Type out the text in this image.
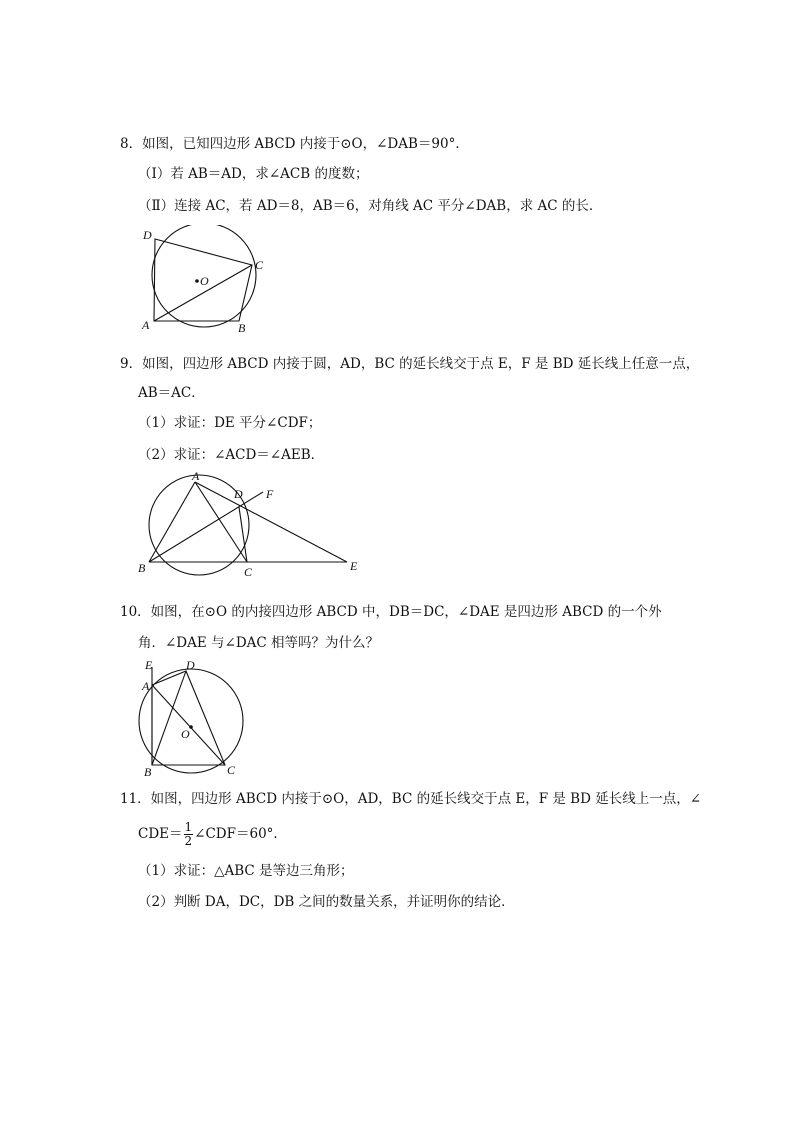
8．如图，已知四边形 ABCD 内接于⊙O，∠DAB＝90°．
（Ⅰ）若 AB＝AD，求∠ACB 的度数；
（Ⅱ）连接 AC，若 AD＝8，AB＝6，对角线 AC 平分∠DAB，求 AC 的长．
D
C
O
A	B
9．如图，四边形 ABCD 内接于圆，AD，BC 的延长线交于点 E，F 是 BD 延长线上任意一点，
AB＝AC．
（1）求证：DE 平分∠CDF；
（2）求证：∠ACD＝∠AEB．
A
D F
B	C	E
10．如图，在⊙O 的内接四边形 ABCD 中，DB＝DC，∠DAE 是四边形 ABCD 的一个外
角．∠DAE 与∠DAC 相等吗？为什么？
E	D
A
O
B	C
11．如图，四边形 ABCD 内接于⊙O，AD，BC 的延长线交于点 E，F 是 BD 延长线上一点，∠
$CDE= \frac{1}{2}$ ∠CDF＝60°．
（1）求证：△ABC 是等边三角形；
（2）判断 DA，DC，DB 之间的数量关系，并证明你的结论．
